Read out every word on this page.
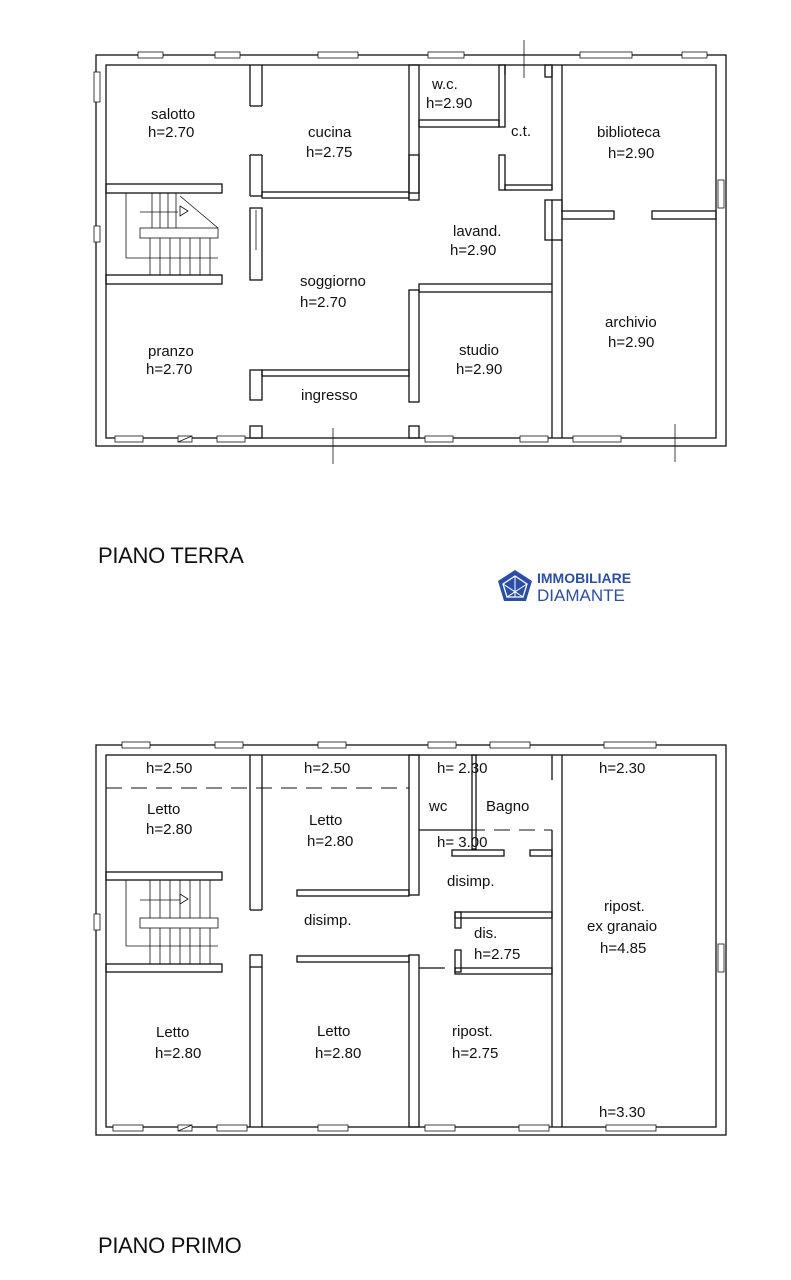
salotto
h=2.70	cucina
h=2.75
w.c.
h=2.90
c.t.	biblioteca
h=2.90
lavand.
h=2.90
soggiorno
h=2.70
pranzo
h=2.70
studio
h=2.90
archivio
h=2.90
ingresso
PIANO TERRA
IMMOBILIARE
DIAMANTE
h=2.50	h=2.50	h= 2.30	h=2.30
Letto
h=2.80
Letto
h=2.80
wc	Bagno
h= 3.00
disimp.
disimp.
dis.
h=2.75
ripost.
ex granaio
h=4.85
Letto
h=2.80
Letto
h=2.80
ripost.
h=2.75
h=3.30
PIANO PRIMO
